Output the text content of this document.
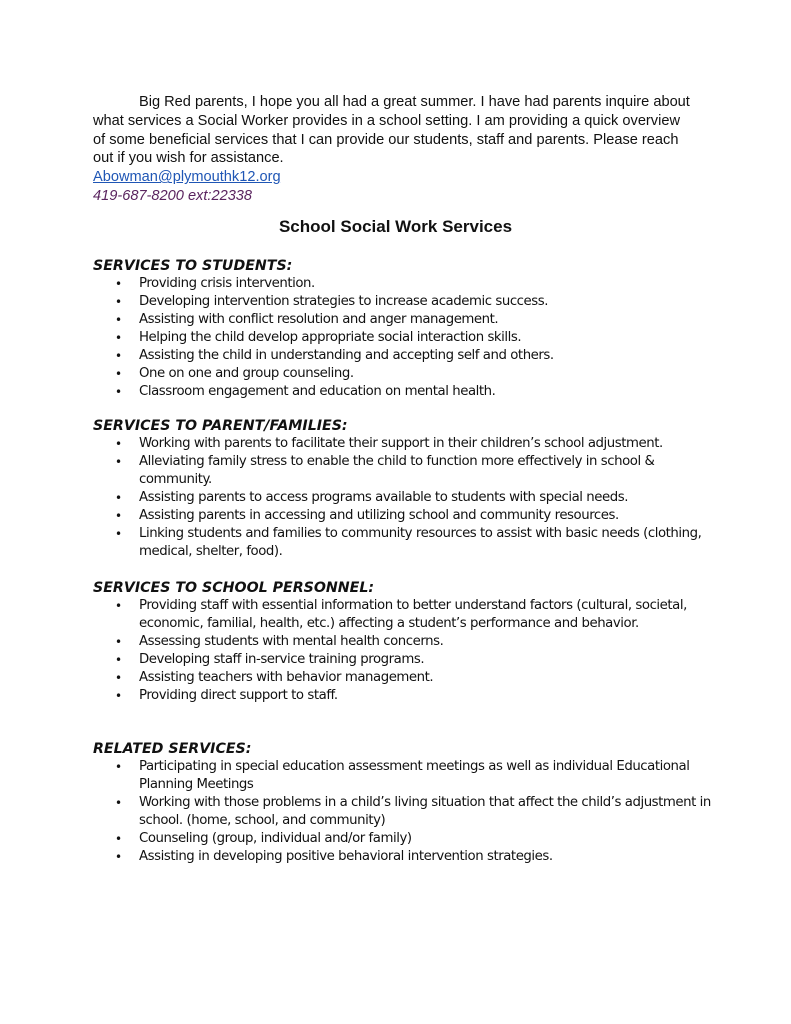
Big Red parents, I hope you all had a great summer. I have had parents inquire about what services a Social Worker provides in a school setting. I am providing a quick overview of some beneficial services that I can provide our students, staff and parents. Please reach out if you wish for assistance.

Abowman@plymouthk12.org
419-687-8200 ext:22338
School Social Work Services
SERVICES TO STUDENTS:
• Providing crisis intervention.
• Developing intervention strategies to increase academic success.
• Assisting with conflict resolution and anger management.
• Helping the child develop appropriate social interaction skills.
• Assisting the child in understanding and accepting self and others.
• One on one and group counseling.
• Classroom engagement and education on mental health.
SERVICES TO PARENT/FAMILIES:
• Working with parents to facilitate their support in their children’s school adjustment.
• Alleviating family stress to enable the child to function more effectively in school & community.
• Assisting parents to access programs available to students with special needs.
• Assisting parents in accessing and utilizing school and community resources.
• Linking students and families to community resources to assist with basic needs (clothing, medical, shelter, food).
SERVICES TO SCHOOL PERSONNEL:
• Providing staff with essential information to better understand factors (cultural, societal, economic, familial, health, etc.) affecting a student’s performance and behavior.
• Assessing students with mental health concerns.
• Developing staff in-service training programs.
• Assisting teachers with behavior management.
• Providing direct support to staff.
RELATED SERVICES:
• Participating in special education assessment meetings as well as individual Educational Planning Meetings
• Working with those problems in a child’s living situation that affect the child’s adjustment in school. (home, school, and community)
• Counseling (group, individual and/or family)
• Assisting in developing positive behavioral intervention strategies.
